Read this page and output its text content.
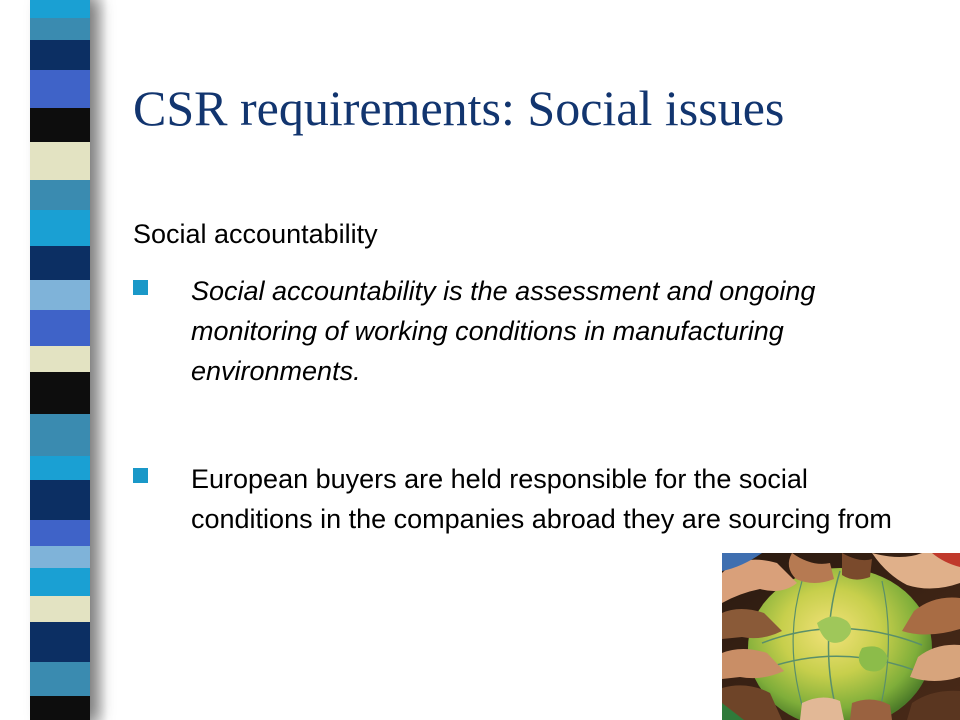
CSR requirements: Social issues
Social accountability
Social accountability is the assessment and ongoing monitoring of working conditions in manufacturing environments.
European buyers are held responsible for the social conditions in the companies abroad they are sourcing from
